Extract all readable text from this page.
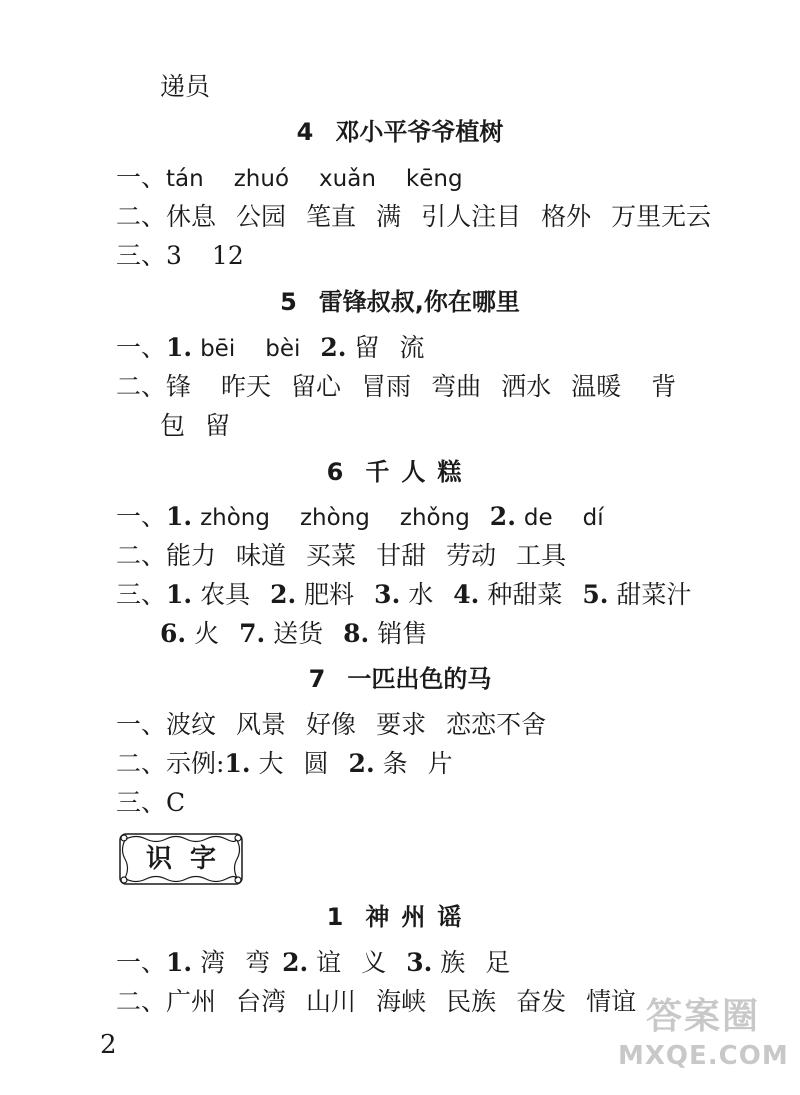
递员
4 邓小平爷爷植树
一、tán zhuó xuǎn kēng
二、休息 公园 笔直 满 引人注目 格外 万里无云
三、3 12
5 雷锋叔叔,你在哪里
一、1. bēi bèi 2. 留 流
二、锋 昨天 留心 冒雨 弯曲 洒水 温暖 背
包 留
6 千人糕
一、1. zhòng zhòng zhǒng 2. de dí
二、能力 味道 买菜 甘甜 劳动 工具
三、1. 农具 2. 肥料 3. 水 4. 种甜菜 5. 甜菜汁
6. 火 7. 送货 8. 销售
7 一匹出色的马
一、波纹 风景 好像 要求 恋恋不舍
二、示例:1. 大 圆 2. 条 片
三、C
识字
1 神州谣
一、1. 湾 弯 2. 谊 义 3. 族 足
二、广州 台湾 山川 海峡 民族 奋发 情谊
2
答案圈
MXQE.COM
